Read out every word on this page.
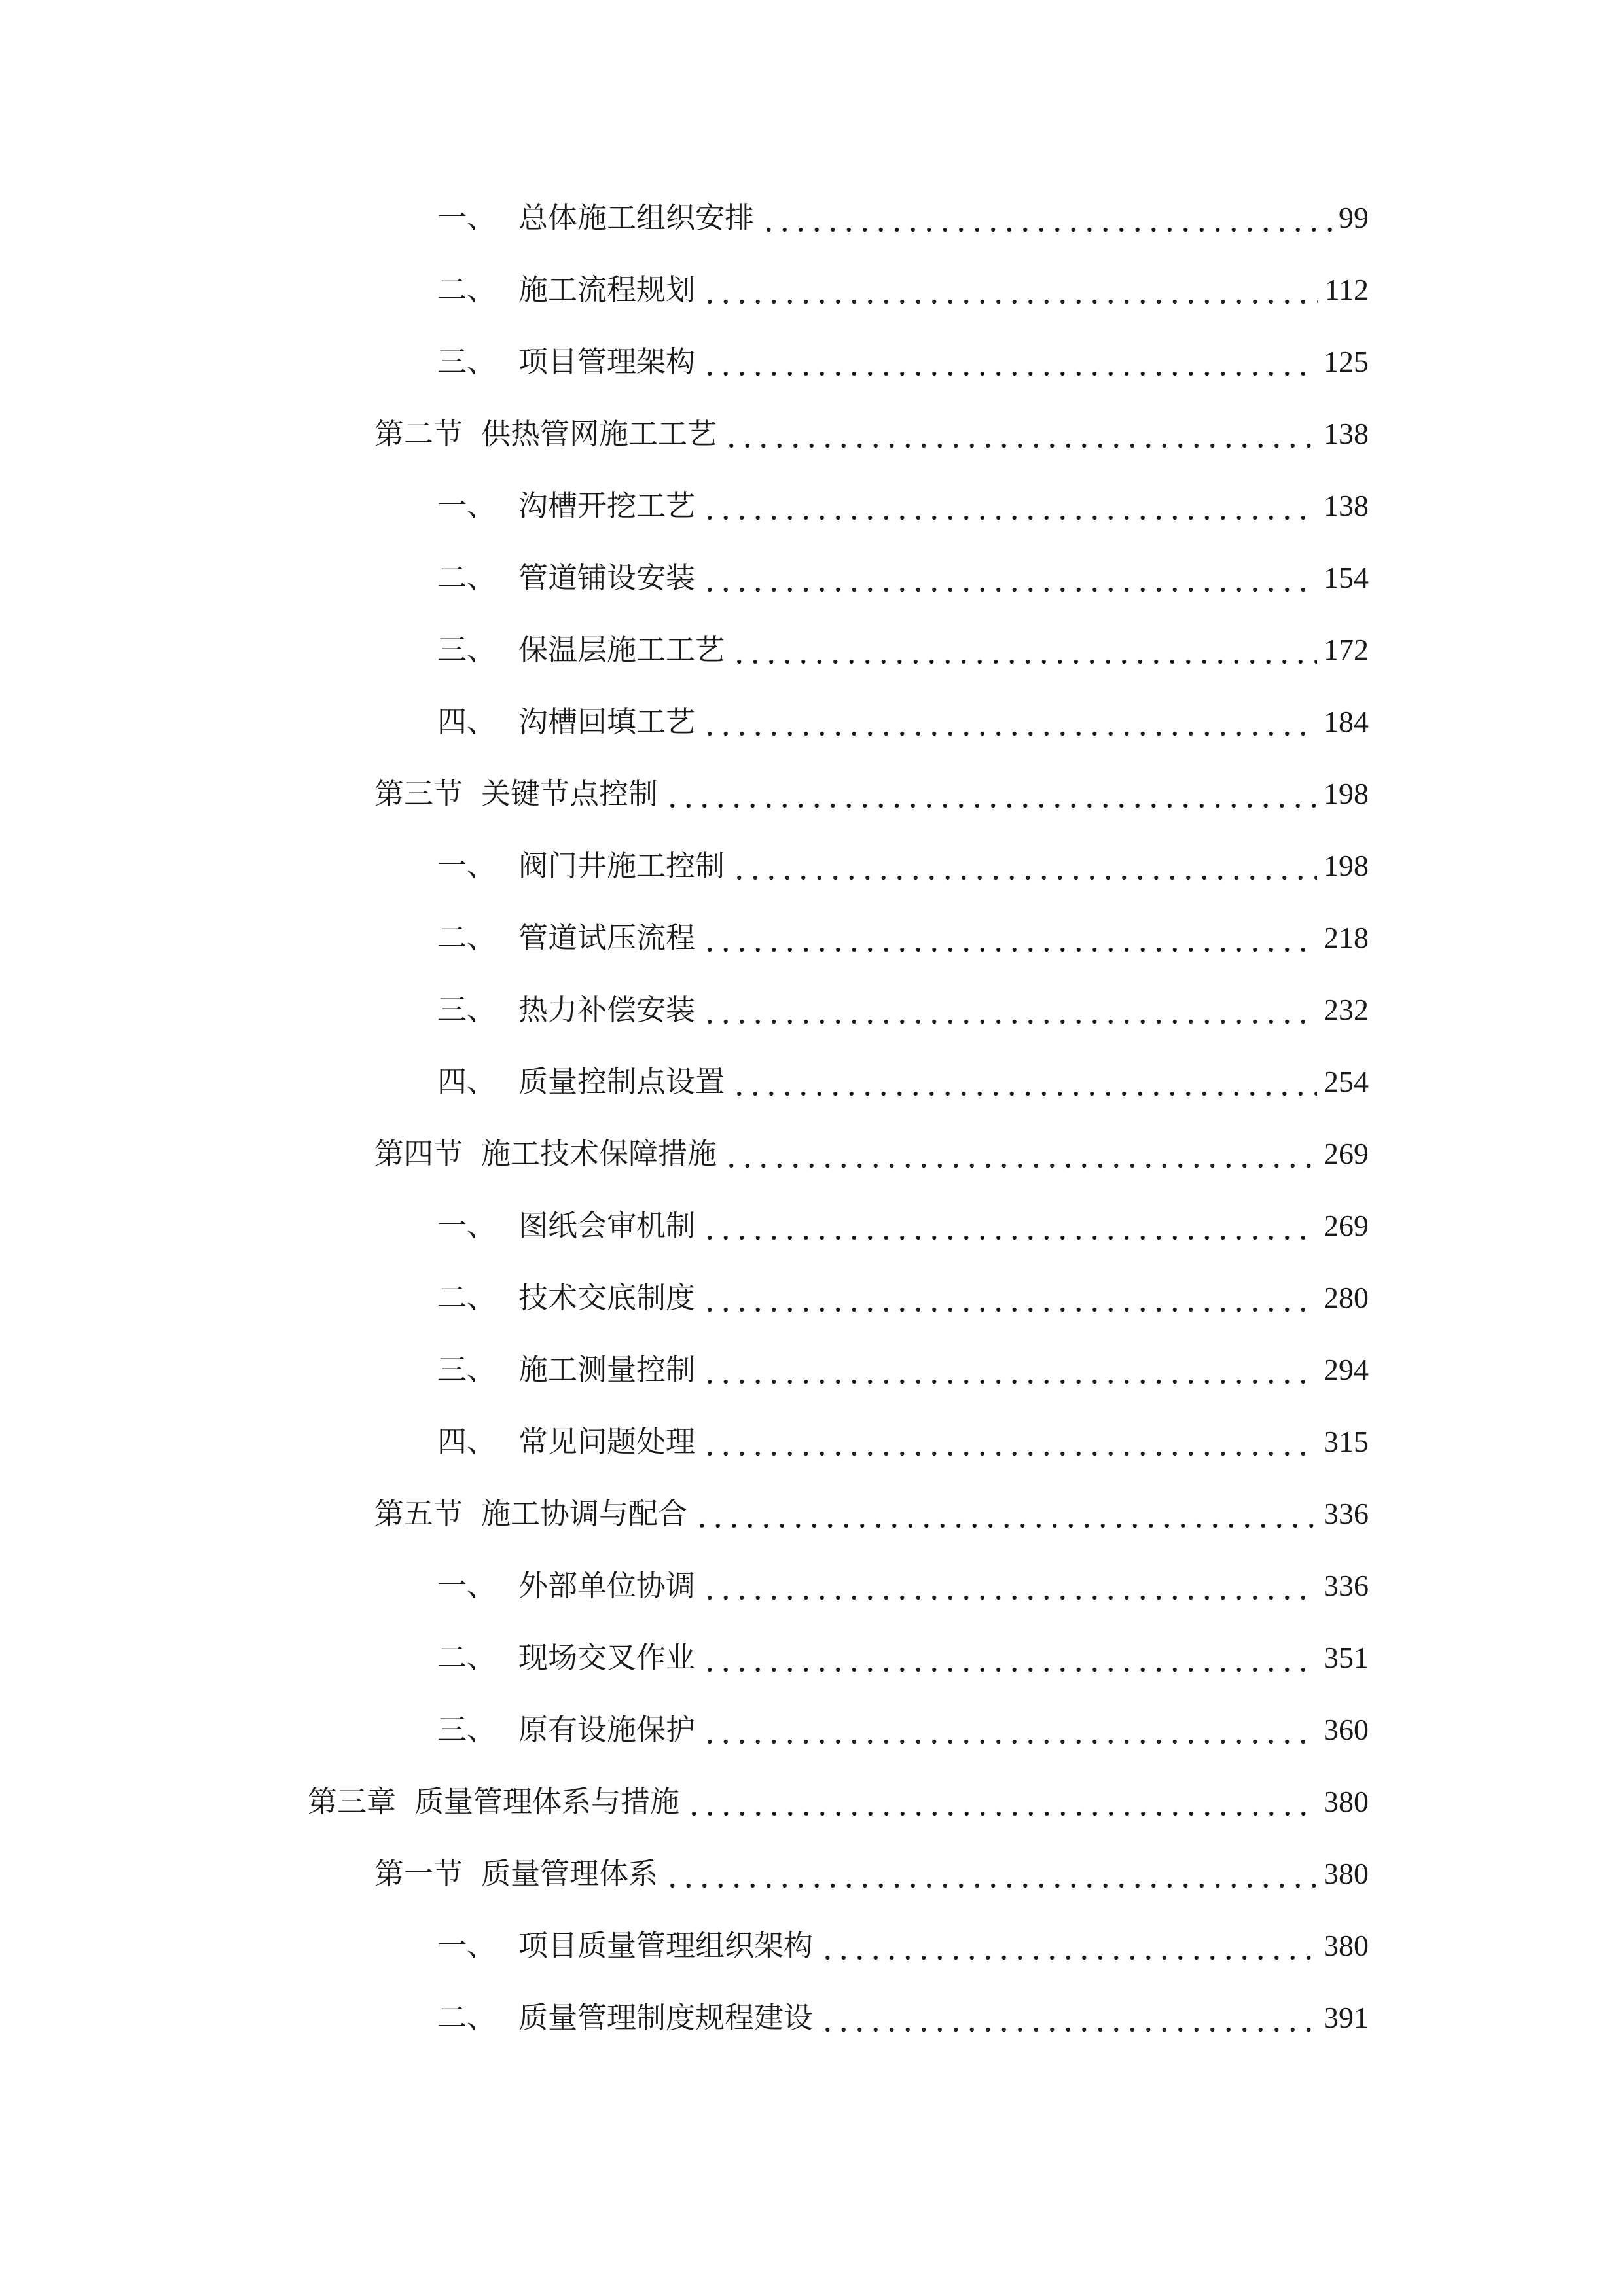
一、 总体施工组织安排	99
二、 施工流程规划	112
三、 项目管理架构	125
第二节 供热管网施工工艺	138
一、 沟槽开挖工艺	138
二、 管道铺设安装	154
三、 保温层施工工艺	172
四、 沟槽回填工艺	184
第三节 关键节点控制	198
一、 阀门井施工控制	198
二、 管道试压流程	218
三、 热力补偿安装	232
四、 质量控制点设置	254
第四节 施工技术保障措施	269
一、 图纸会审机制	269
二、 技术交底制度	280
三、 施工测量控制	294
四、 常见问题处理	315
第五节 施工协调与配合	336
一、 外部单位协调	336
二、 现场交叉作业	351
三、 原有设施保护	360
第三章 质量管理体系与措施	380
第一节 质量管理体系	380
一、 项目质量管理组织架构	380
二、 质量管理制度规程建设	391
